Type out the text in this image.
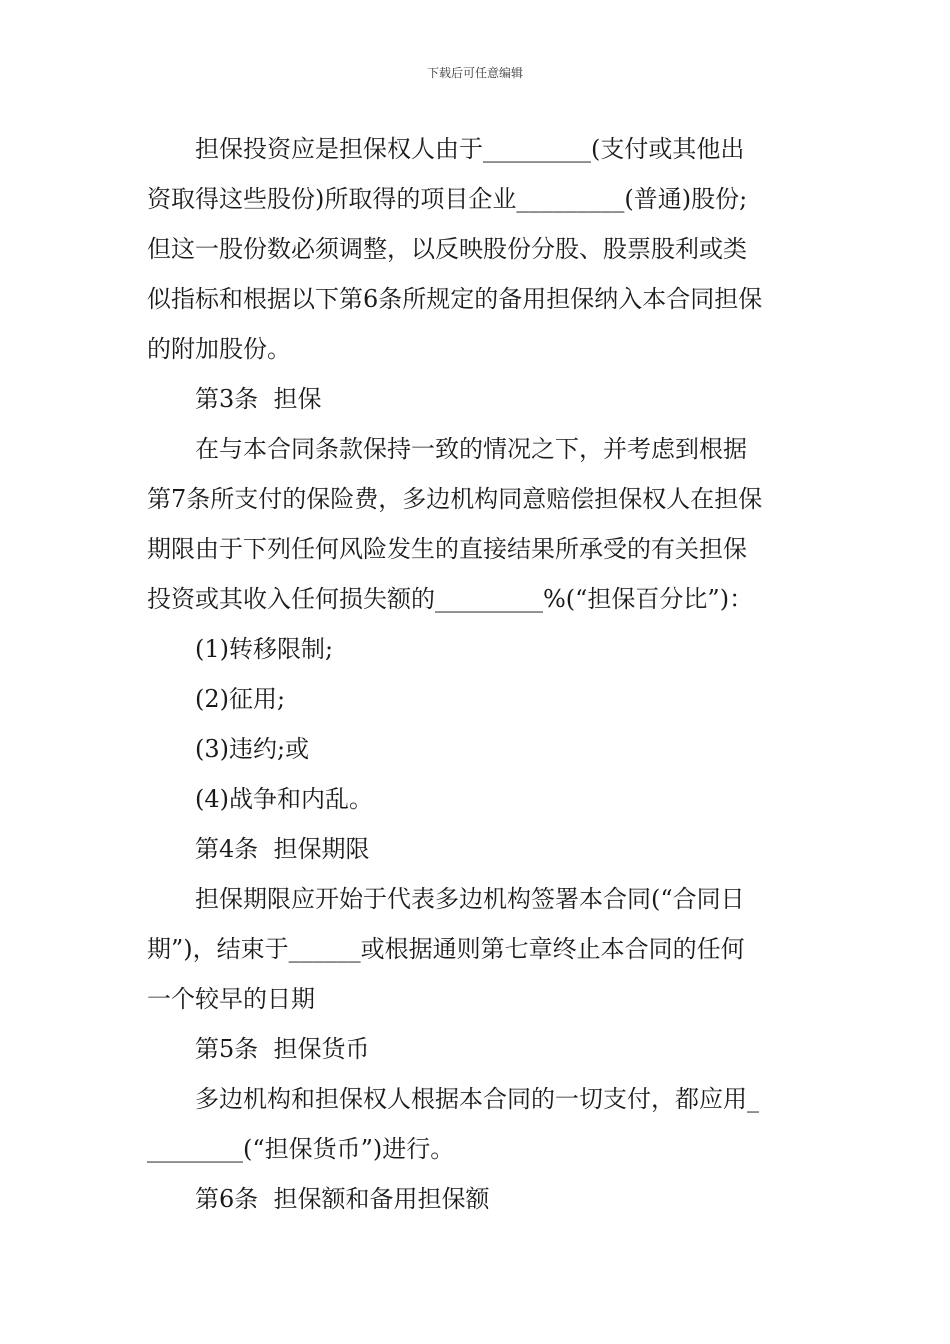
下载后可任意编辑
担保投资应是担保权人由于_________(支付或其他出
资取得这些股份)所取得的项目企业_________(普通)股份;
但这一股份数必须调整，以反映股份分股、股票股利或类
似指标和根据以下第6条所规定的备用担保纳入本合同担保
的附加股份。
第3条  担保
在与本合同条款保持一致的情况之下，并考虑到根据
第7条所支付的保险费，多边机构同意赔偿担保权人在担保
期限由于下列任何风险发生的直接结果所承受的有关担保
投资或其收入任何损失额的_________%(“担保百分比”)：
(1)转移限制;
(2)征用;
(3)违约;或
(4)战争和内乱。
第4条  担保期限
担保期限应开始于代表多边机构签署本合同(“合同日
期”)，结束于______或根据通则第七章终止本合同的任何
一个较早的日期
第5条  担保货币
多边机构和担保权人根据本合同的一切支付，都应用_
________(“担保货币”)进行。
第6条  担保额和备用担保额
